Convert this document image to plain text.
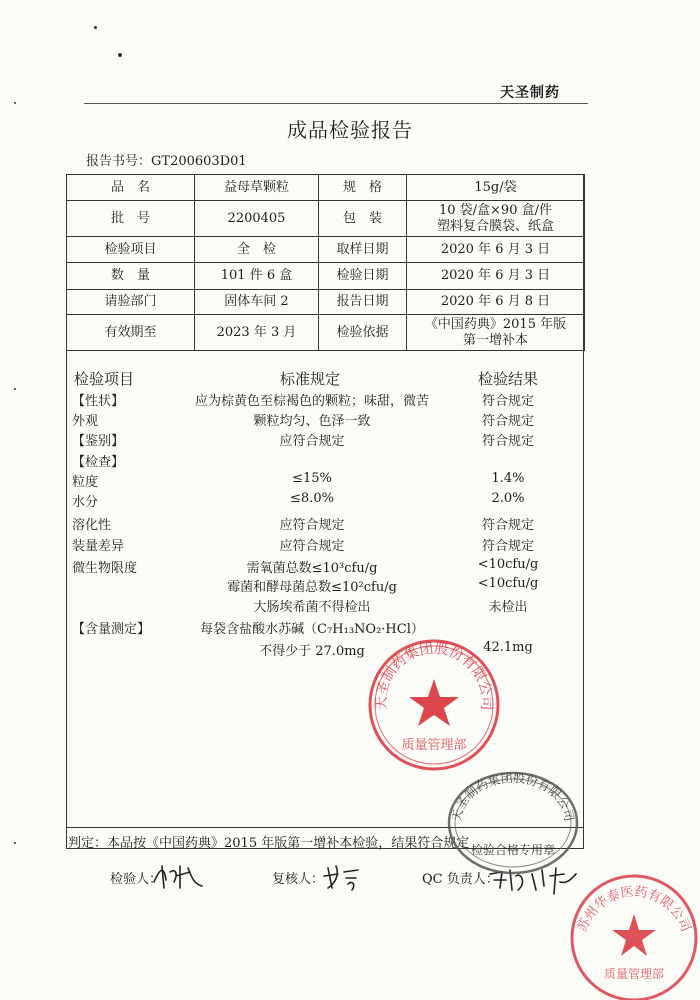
天圣制药
成品检验报告
报告书号：GT200603D01
品　名	益母草颗粒	规　格	15g/袋
批　号	2200405	包　装	10 袋/盒×90 盒/件
塑料复合膜袋、纸盒

检验项目	全　检	取样日期	2020 年 6 月 3 日
数　量	101 件 6 盒	检验日期	2020 年 6 月 3 日
请验部门	固体车间 2	报告日期	2020 年 6 月 8 日
有效期至	2023 年 3 月	检验依据	《中国药典》2015 年版
第一增补本
检验项目	标准规定	检验结果
【性状】	应为棕黄色至棕褐色的颗粒；味甜，微苦	符合规定
外观	颗粒均匀、色泽一致	符合规定
【鉴别】	应符合规定	符合规定
【检查】
粒度	≤15%	1.4%
水分	≤8.0%	2.0%
溶化性	应符合规定	符合规定
装量差异	应符合规定	符合规定
微生物限度	需氧菌总数≤10³cfu/g	<10cfu/g
霉菌和酵母菌总数≤10²cfu/g	<10cfu/g
大肠埃希菌不得检出	未检出
【含量测定】	每袋含盐酸水苏碱（C₇H₁₃NO₂·HCl）
不得少于 27.0mg	42.1mg
判定：本品按《中国药典》2015 年版第一增补本检验，结果符合规定
检验人：	复核人：	QC 负责人：
天圣制药集团股份有限公司
质量管理部
天圣制药集团股份有限公司
检验合格专用章
苏州华泰医药有限公司
质量管理部
